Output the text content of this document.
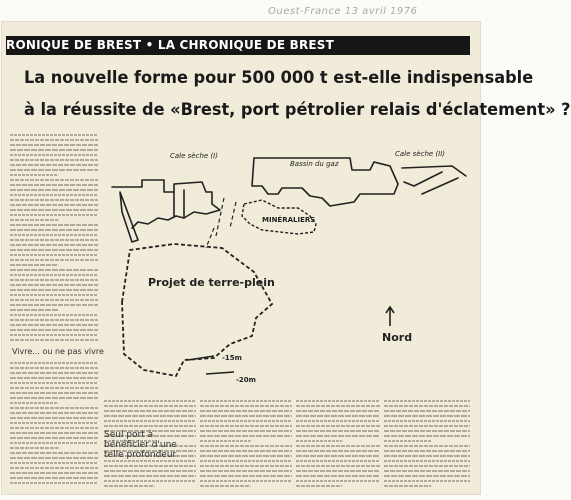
Ouest-France 13 avril 1976
RONIQUE DE BREST • LA CHRONIQUE DE BREST
La nouvelle forme pour 500 000 t est-elle indispensable
à la réussite de «Brest, port pétrolier relais d'éclatement» ?
Vivre... ou ne pas vivre
Seul port à bénéficier d'une telle profondeur
Cale sèche (I)
Bassin du gaz
Cale sèche (II)
MINÉRALIERS
Projet de terre-plein
-15m
-20m
Nord
